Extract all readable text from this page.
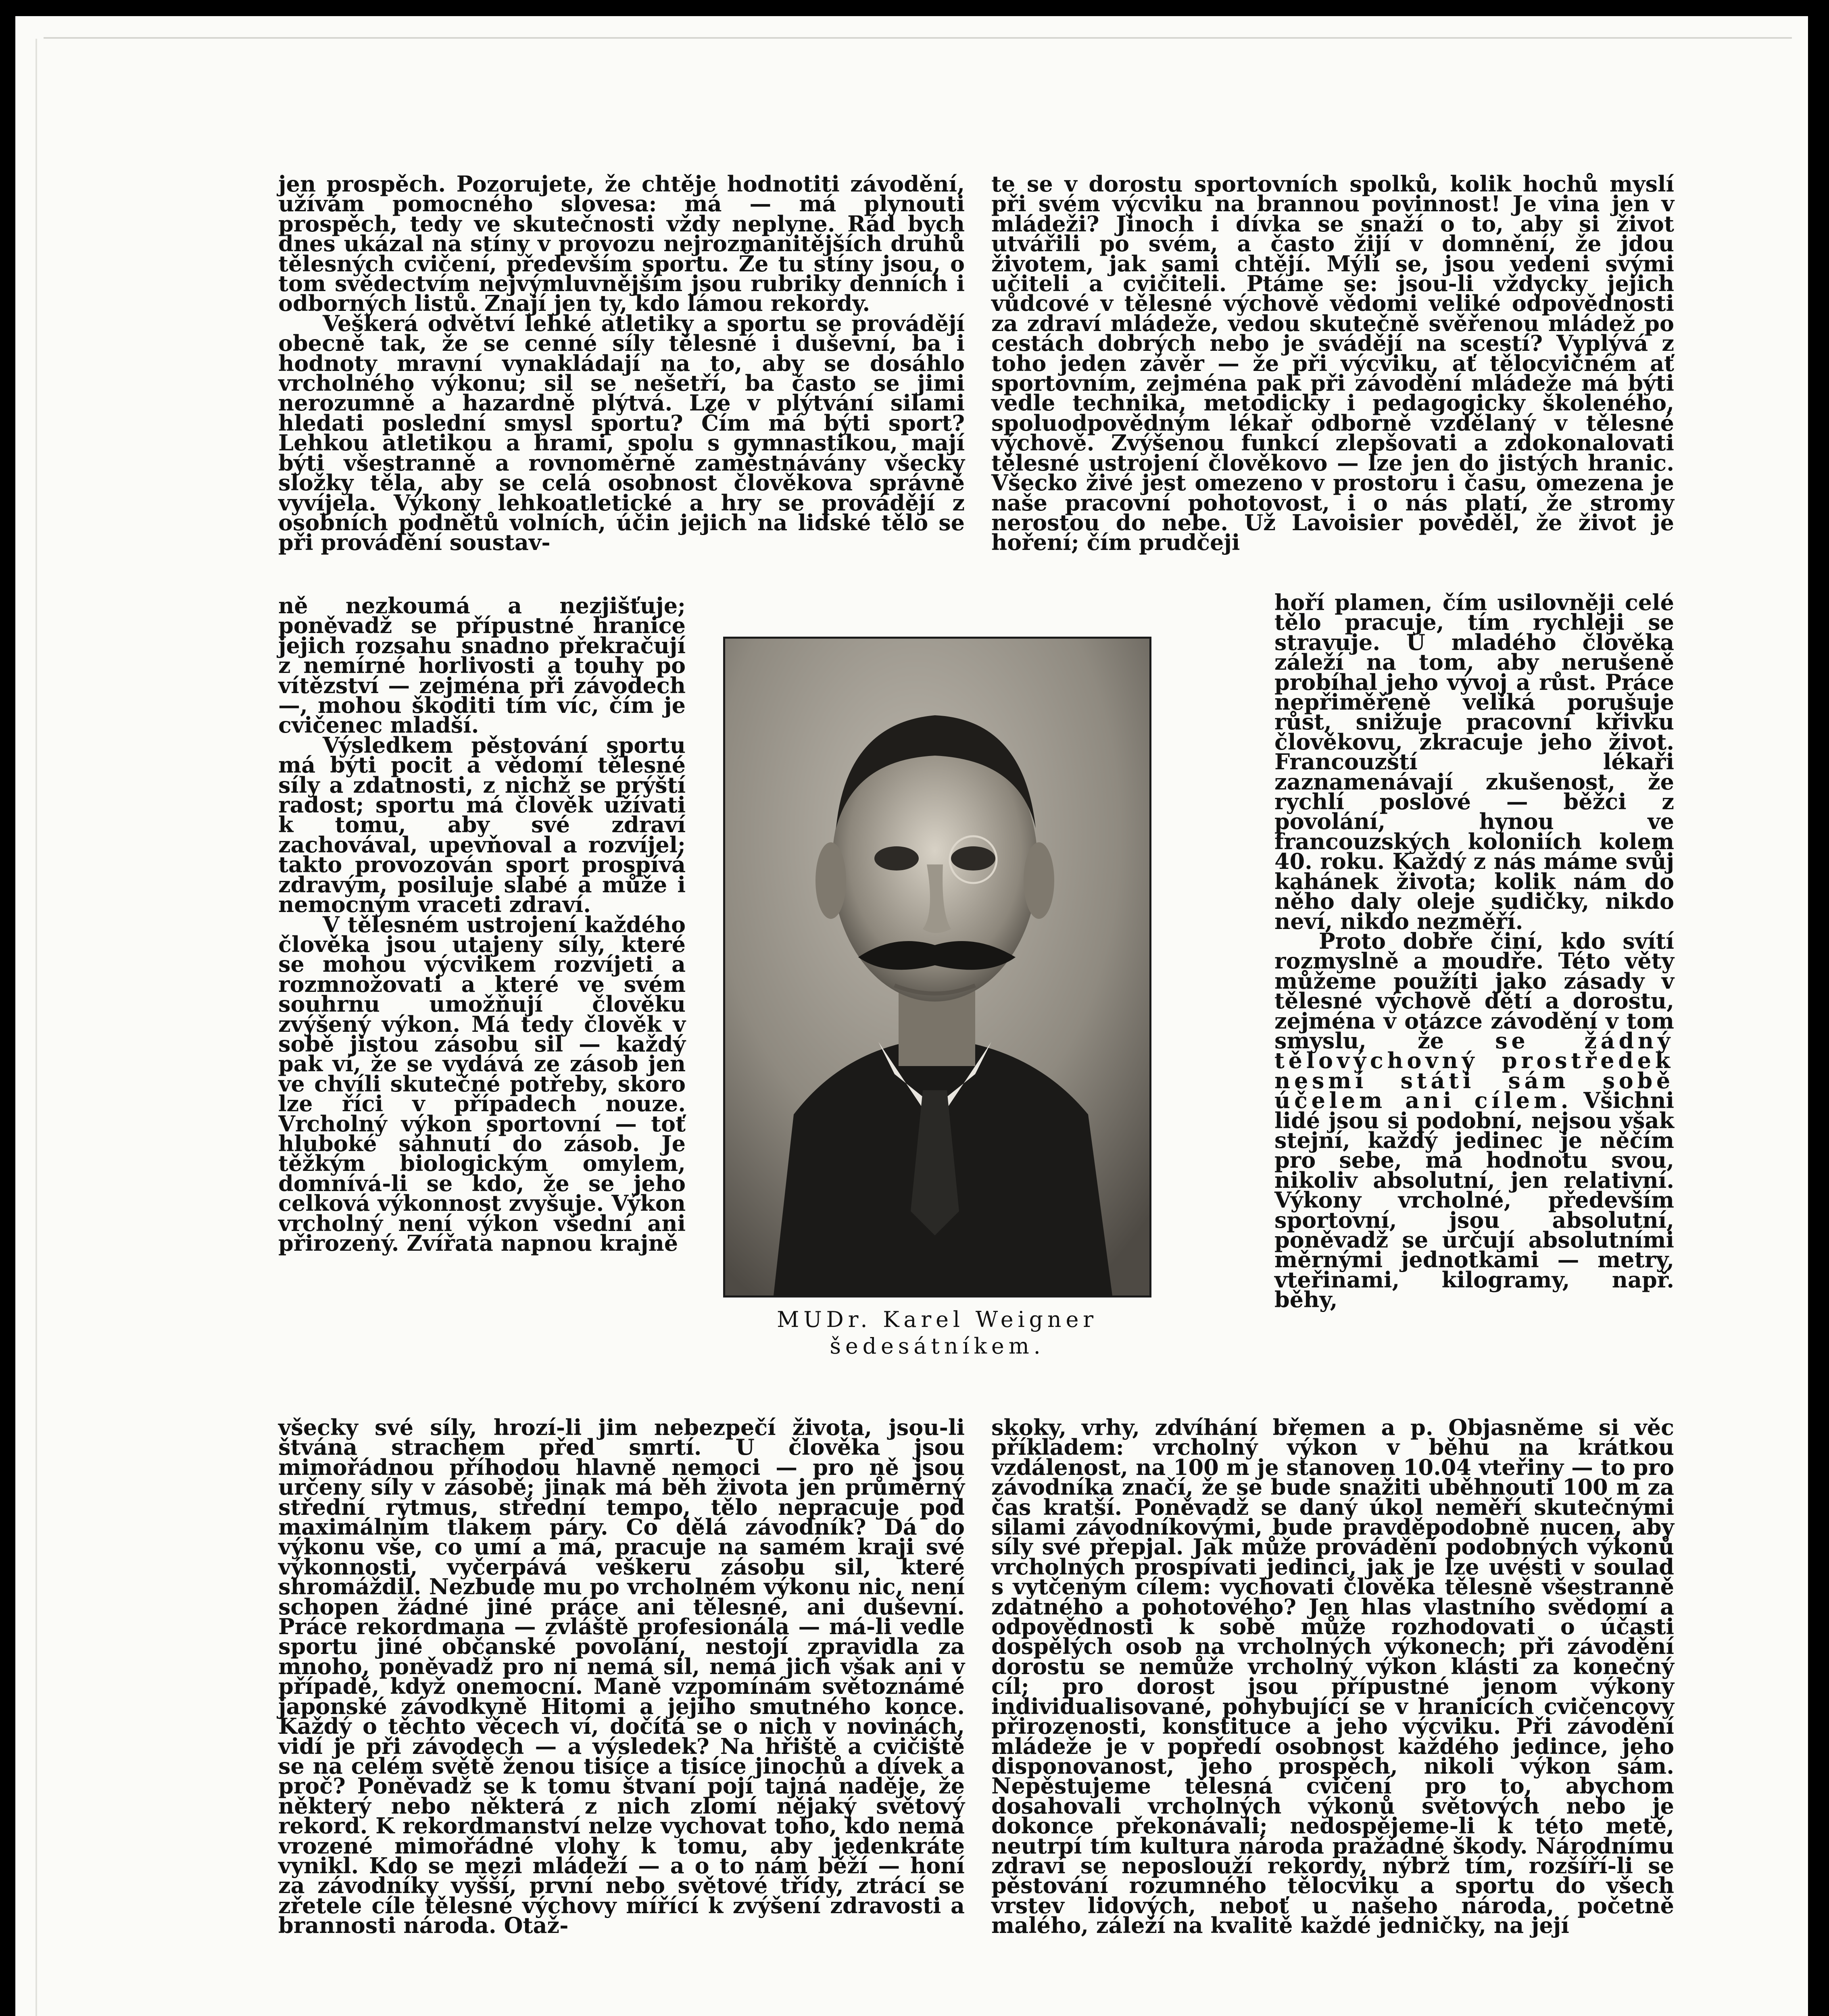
jen prospěch. Pozorujete, že chtěje hodnotiti závodění, užívám pomocného slovesa: má — má plynouti prospěch, tedy ve skutečnosti vždy neplyne. Rád bych dnes ukázal na stíny v provozu nejrozmanitějších druhů tělesných cvičení, především sportu. Že tu stíny jsou, o tom svědectvím nejvýmluvnějším jsou rubriky denních i odborných listů. Znají jen ty, kdo lámou rekordy.

Veškerá odvětví lehké atletiky a sportu se provádějí obecně tak, že se cenné síly tělesné i duševní, ba i hodnoty mravní vynakládají na to, aby se dosáhlo vrcholného výkonu; sil se nešetří, ba často se jimi nerozumně a hazardně plýtvá. Lze v plýtvání silami hledati poslední smysl sportu? Čím má býti sport? Lehkou atletikou a hrami, spolu s gymnastikou, mají býti všestranně a rovnoměrně zaměstnávány všecky složky těla, aby se celá osobnost člověkova správně vyvíjela. Výkony lehkoatletické a hry se provádějí z osobních podnětů volních, účin jejich na lidské tělo se při provádění soustav-

ně nezkoumá a nezjišťuje; poněvadž se přípustné hranice jejich rozsahu snadno překračují z nemírné horlivosti a touhy po vítězství — zejména při závodech —, mohou škoditi tím víc, čím je cvičenec mladší.

Výsledkem pěstování sportu má býti pocit a vědomí tělesné síly a zdatnosti, z nichž se prýští radost; sportu má člověk užívati k tomu, aby své zdraví zachovával, upevňoval a rozvíjel; takto provozován sport prospívá zdravým, posiluje slabé a může i nemocným vraceti zdraví.

V tělesném ustrojení každého člověka jsou utajeny síly, které se mohou výcvikem rozvíjeti a rozmnožovati a které ve svém souhrnu umožňují člověku zvýšený výkon. Má tedy člověk v sobě jistou zásobu sil — každý pak ví, že se vydává ze zásob jen ve chvíli skutečné potřeby, skoro lze říci v případech nouze. Vrcholný výkon sportovní — toť hluboké sáhnutí do zásob. Je těžkým biologickým omylem, domnívá-li se kdo, že se jeho celková výkonnost zvyšuje. Výkon vrcholný není výkon všední ani přirozený. Zvířata napnou krajně

všecky své síly, hrozí-li jim nebezpečí života, jsou-li štvána strachem před smrtí. U člověka jsou mimořádnou příhodou hlavně nemoci — pro ně jsou určeny síly v zásobě; jinak má běh života jen průměrný střední rytmus, střední tempo, tělo nepracuje pod maximálním tlakem páry. Co dělá závodník? Dá do výkonu vše, co umí a má, pracuje na samém kraji své výkonnosti, vyčerpává veškeru zásobu sil, které shromáždil. Nezbude mu po vrcholném výkonu nic, není schopen žádné jiné práce ani tělesné, ani duševní. Práce rekordmana — zvláště profesionála — má-li vedle sportu jiné občanské povolání, nestojí zpravidla za mnoho, poněvadž pro ni nemá sil, nemá jich však ani v případě, když onemocní. Maně vzpomínám světoznámé japonské závodkyně Hitomi a jejího smutného konce. Každý o těchto věcech ví, dočítá se o nich v novinách, vidí je při závodech — a výsledek? Na hřiště a cvičiště se na celém světě ženou tisíce a tisíce jinochů a dívek a proč? Poněvadž se k tomu štvaní pojí tajná naděje, že některý nebo některá z nich zlomí nějaký světový rekord. K rekordmanství nelze vychovat toho, kdo nemá vrozené mimořádné vlohy k tomu, aby jedenkráte vynikl. Kdo se mezi mládeží — a o to nám běží — honí za závodníky vyšší, první nebo světové třídy, ztrácí se zřetele cíle tělesné výchovy mířící k zvýšení zdravosti a brannosti národa. Otaž-

te se v dorostu sportovních spolků, kolik hochů myslí při svém výcviku na brannou povinnost! Je vina jen v mládeži? Jinoch i dívka se snaží o to, aby si život utvářili po svém, a často žijí v domnění, že jdou životem, jak sami chtějí. Mýlí se, jsou vedeni svými učiteli a cvičiteli. Ptáme se: jsou-li vždycky jejich vůdcové v tělesné výchově vědomi veliké odpovědnosti za zdraví mládeže, vedou skutečně svěřenou mládež po cestách dobrých nebo je svádějí na scestí? Vyplývá z toho jeden závěr — že při výcviku, ať tělocvičném ať sportovním, zejména pak při závodění mládeže má býti vedle technika, metodicky i pedagogicky školeného, spoluodpovědným lékař odborně vzdělaný v tělesné výchově. Zvýšenou funkcí zlepšovati a zdokonalovati tělesné ustrojení člověkovo — lze jen do jistých hranic. Všecko živé jest omezeno v prostoru i času, omezena je naše pracovní pohotovost, i o nás platí, že stromy nerostou do nebe. Už Lavoisier pověděl, že život je hoření; čím prudčeji

hoří plamen, čím usilovněji celé tělo pracuje, tím rychleji se stravuje. U mladého člověka záleží na tom, aby nerušeně probíhal jeho vývoj a růst. Práce nepřiměřeně veliká porušuje růst, snižuje pracovní křivku člověkovu, zkracuje jeho život. Francouzští lékaři zaznamenávají zkušenost, že rychlí poslové — běžci z povolání, hynou ve francouzských koloniích kolem 40. roku. Každý z nás máme svůj kahánek života; kolik nám do něho daly oleje sudičky, nikdo neví, nikdo nezměří.

Proto dobře činí, kdo svítí rozmyslně a moudře. Této věty můžeme použíti jako zásady v tělesné výchově dětí a dorostu, zejména v otázce závodění v tom smyslu, že se žádný tělovýchovný prostředek nesmí státi sám sobě účelem ani cílem. Všichni lidé jsou si podobní, nejsou však stejní, každý jedinec je něčím pro sebe, má hodnotu svou, nikoliv absolutní, jen relativní. Výkony vrcholné, především sportovní, jsou absolutní, poněvadž se určují absolutními měrnými jednotkami — metry, vteřinami, kilogramy, např. běhy,

skoky, vrhy, zdvíhání břemen a p. Objasněme si věc příkladem: vrcholný výkon v běhu na krátkou vzdálenost, na 100 m je stanoven 10.04 vteřiny — to pro závodníka značí, že se bude snažiti uběhnouti 100 m za čas kratší. Poněvadž se daný úkol neměří skutečnými silami závodníkovými, bude pravděpodobně nucen, aby síly své přepjal. Jak může provádění podobných výkonů vrcholných prospívati jedinci, jak je lze uvésti v soulad s vytčeným cílem: vychovati člověka tělesně všestranně zdatného a pohotového? Jen hlas vlastního svědomí a odpovědnosti k sobě může rozhodovati o účasti dospělých osob na vrcholných výkonech; při závodění dorostu se nemůže vrcholný výkon klásti za konečný cíl; pro dorost jsou přípustné jenom výkony individualisované, pohybující se v hranicích cvičencovy přirozenosti, konstituce a jeho výcviku. Při závodění mládeže je v popředí osobnost každého jedince, jeho disponovanost, jeho prospěch, nikoli výkon sám. Nepěstujeme tělesná cvičení pro to, abychom dosahovali vrcholných výkonů světových nebo je dokonce překonávali; nedospějeme-li k této metě, neutrpí tím kultura národa pražádné škody. Národnímu zdraví se neposlouží rekordy, nýbrž tím, rozšíří-li se pěstování rozumného tělocviku a sportu do všech vrstev lidových, neboť u našeho národa, početně malého, záleží na kvalitě každé jedničky, na její

MUDr. Karel Weigner
šedesátníkem.
